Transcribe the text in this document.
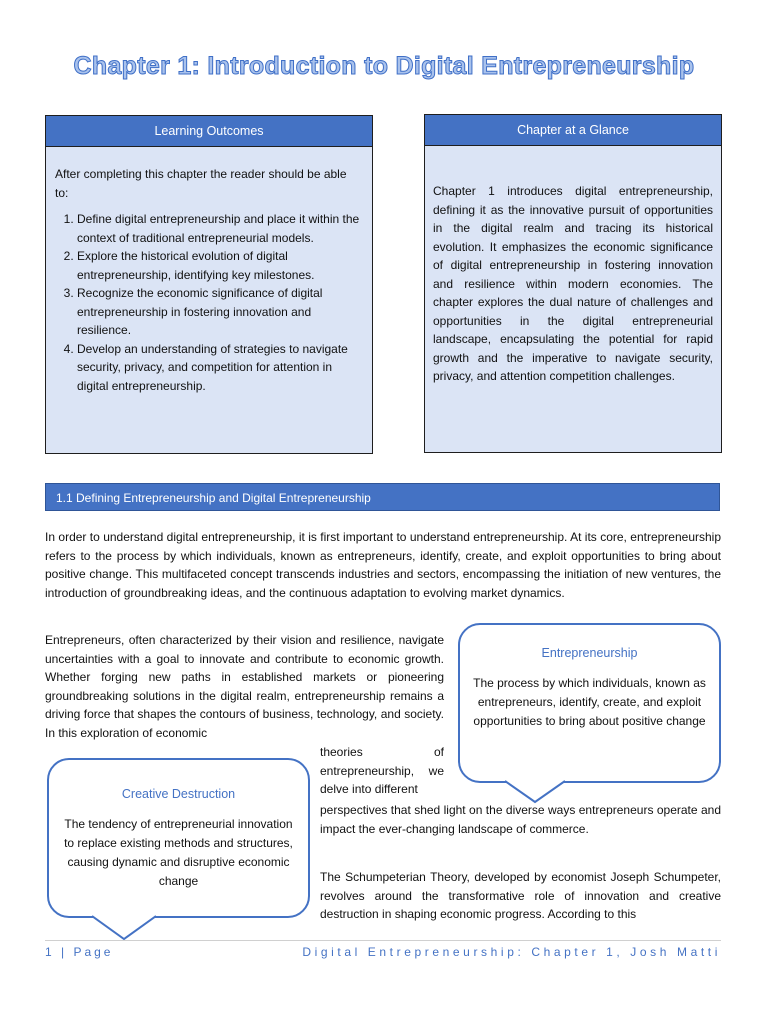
Chapter 1: Introduction to Digital Entrepreneurship
Learning Outcomes
After completing this chapter the reader should be able to:
1. Define digital entrepreneurship and place it within the context of traditional entrepreneurial models.
2. Explore the historical evolution of digital entrepreneurship, identifying key milestones.
3. Recognize the economic significance of digital entrepreneurship in fostering innovation and resilience.
4. Develop an understanding of strategies to navigate security, privacy, and competition for attention in digital entrepreneurship.
Chapter at a Glance
Chapter 1 introduces digital entrepreneurship, defining it as the innovative pursuit of opportunities in the digital realm and tracing its historical evolution. It emphasizes the economic significance of digital entrepreneurship in fostering innovation and resilience within modern economies. The chapter explores the dual nature of challenges and opportunities in the digital entrepreneurial landscape, encapsulating the potential for rapid growth and the imperative to navigate security, privacy, and attention competition challenges.
1.1 Defining Entrepreneurship and Digital Entrepreneurship

In order to understand digital entrepreneurship, it is first important to understand entrepreneurship. At its core, entrepreneurship refers to the process by which individuals, known as entrepreneurs, identify, create, and exploit opportunities to bring about positive change. This multifaceted concept transcends industries and sectors, encompassing the initiation of new ventures, the introduction of groundbreaking ideas, and the continuous adaptation to evolving market dynamics.

Entrepreneurs, often characterized by their vision and resilience, navigate uncertainties with a goal to innovate and contribute to economic growth. Whether forging new paths in established markets or pioneering groundbreaking solutions in the digital realm, entrepreneurship remains a driving force that shapes the contours of business, technology, and society. In this exploration of economic

theories of entrepreneurship, we delve into different

perspectives that shed light on the diverse ways entrepreneurs operate and impact the ever-changing landscape of commerce.

The Schumpeterian Theory, developed by economist Joseph Schumpeter, revolves around the transformative role of innovation and creative destruction in shaping economic progress. According to this

Entrepreneurship
The process by which individuals, known as entrepreneurs, identify, create, and exploit opportunities to bring about positive change
Creative Destruction
The tendency of entrepreneurial innovation to replace existing methods and structures, causing dynamic and disruptive economic change
1 | Page	Digital Entrepreneurship: Chapter 1, Josh Matti
